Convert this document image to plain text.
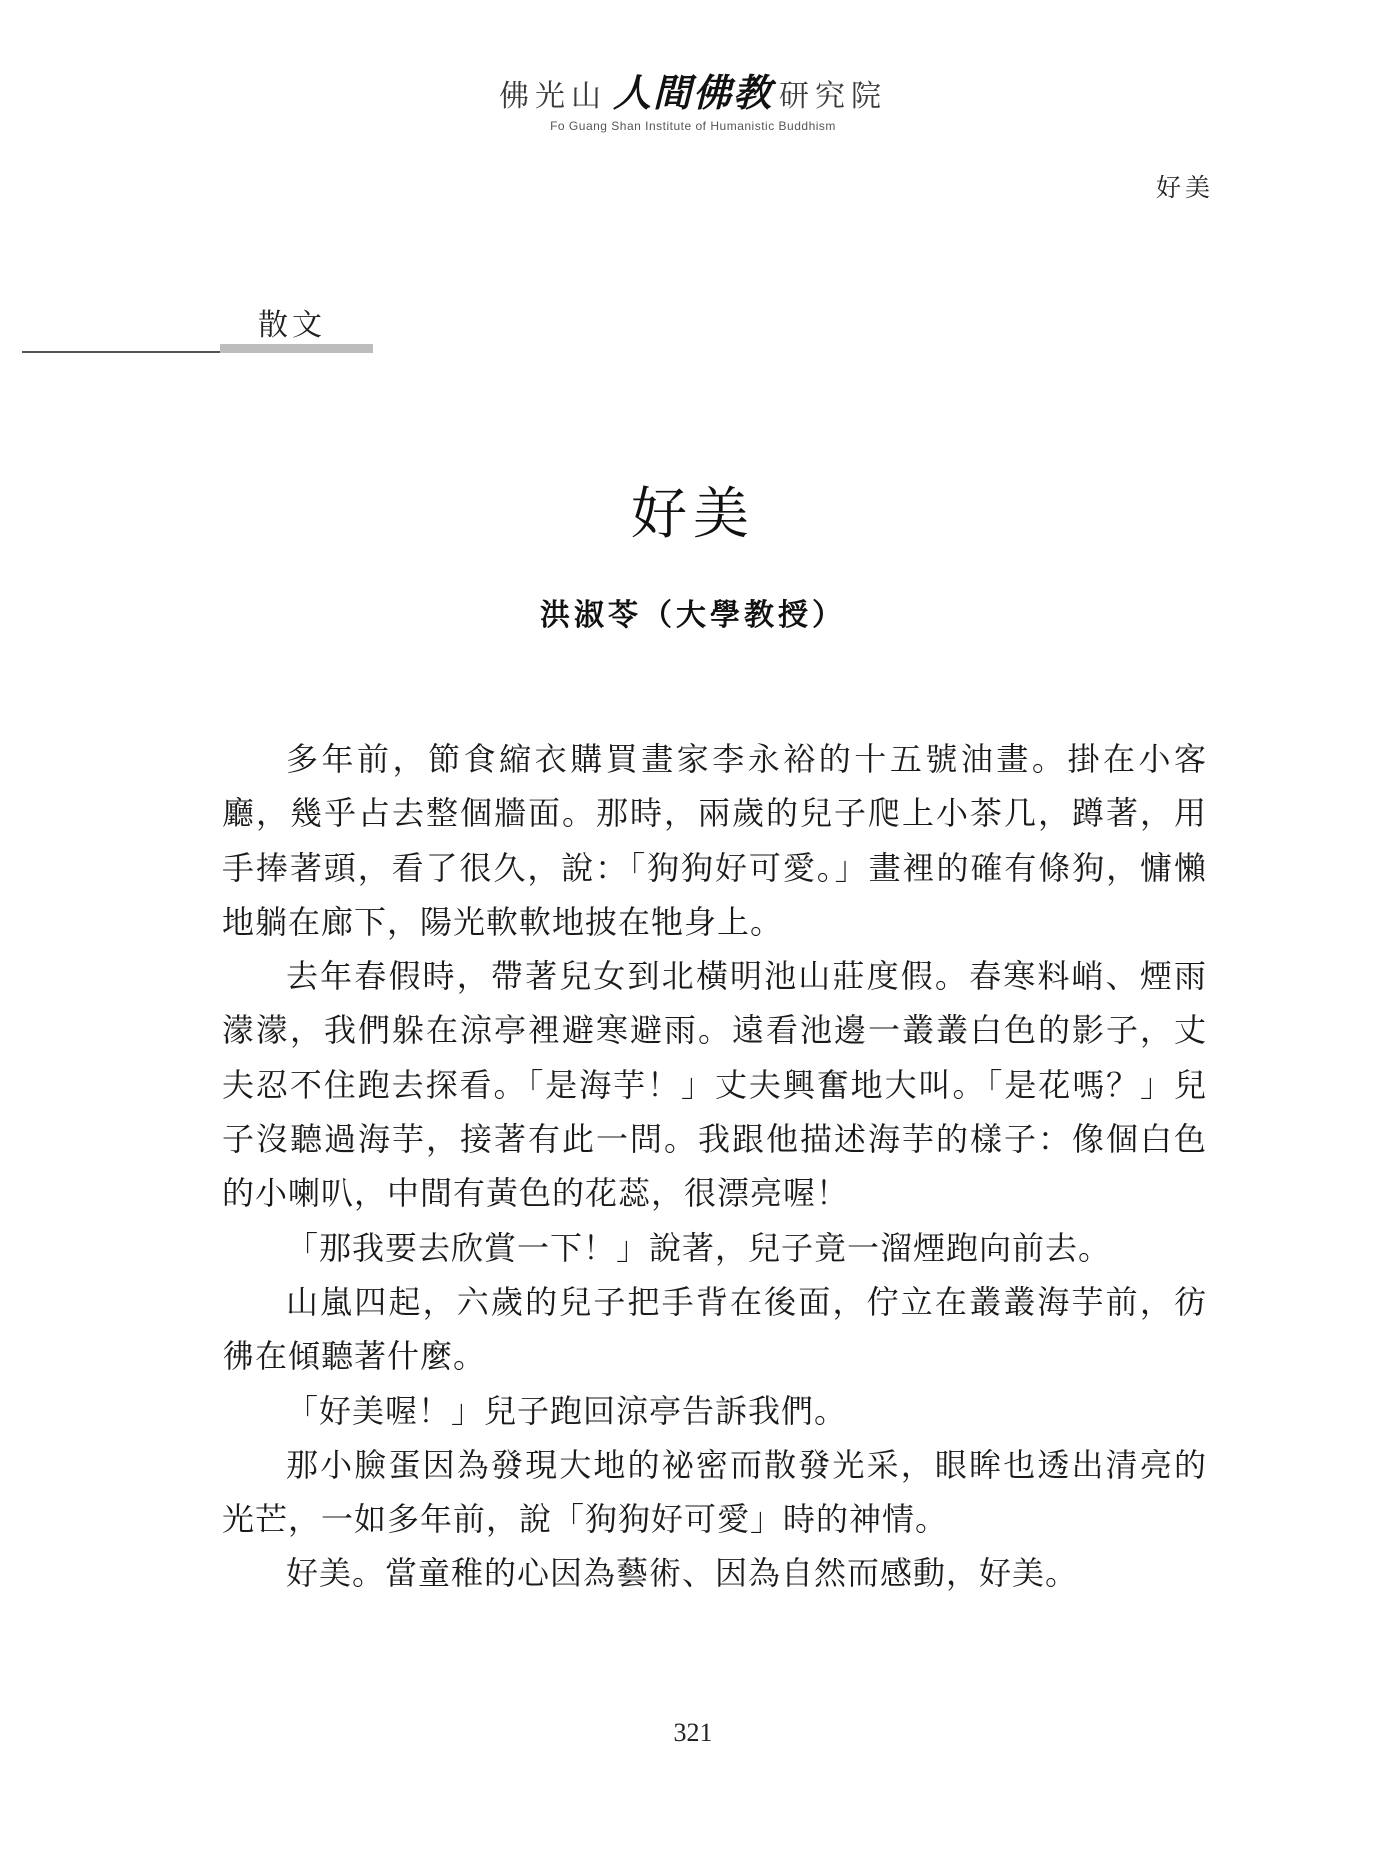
佛光山 人間佛教 研究院
Fo Guang Shan Institute of Humanistic Buddhism
好美
散文
好美
洪淑苓（大學教授）

多年前，節食縮衣購買畫家李永裕的十五號油畫。掛在小客廳，幾乎占去整個牆面。那時，兩歲的兒子爬上小茶几，蹲著，用手捧著頭，看了很久，說：「狗狗好可愛。」畫裡的確有條狗，慵懶地躺在廊下，陽光軟軟地披在牠身上。

去年春假時，帶著兒女到北橫明池山莊度假。春寒料峭、煙雨濛濛，我們躲在涼亭裡避寒避雨。遠看池邊一叢叢白色的影子，丈夫忍不住跑去探看。「是海芋！」丈夫興奮地大叫。「是花嗎？」兒子沒聽過海芋，接著有此一問。我跟他描述海芋的樣子：像個白色的小喇叭，中間有黃色的花蕊，很漂亮喔！

「那我要去欣賞一下！」說著，兒子竟一溜煙跑向前去。

山嵐四起，六歲的兒子把手背在後面，佇立在叢叢海芋前，彷彿在傾聽著什麼。

「好美喔！」兒子跑回涼亭告訴我們。

那小臉蛋因為發現大地的祕密而散發光采，眼眸也透出清亮的光芒，一如多年前，說「狗狗好可愛」時的神情。

好美。當童稚的心因為藝術、因為自然而感動，好美。

321
